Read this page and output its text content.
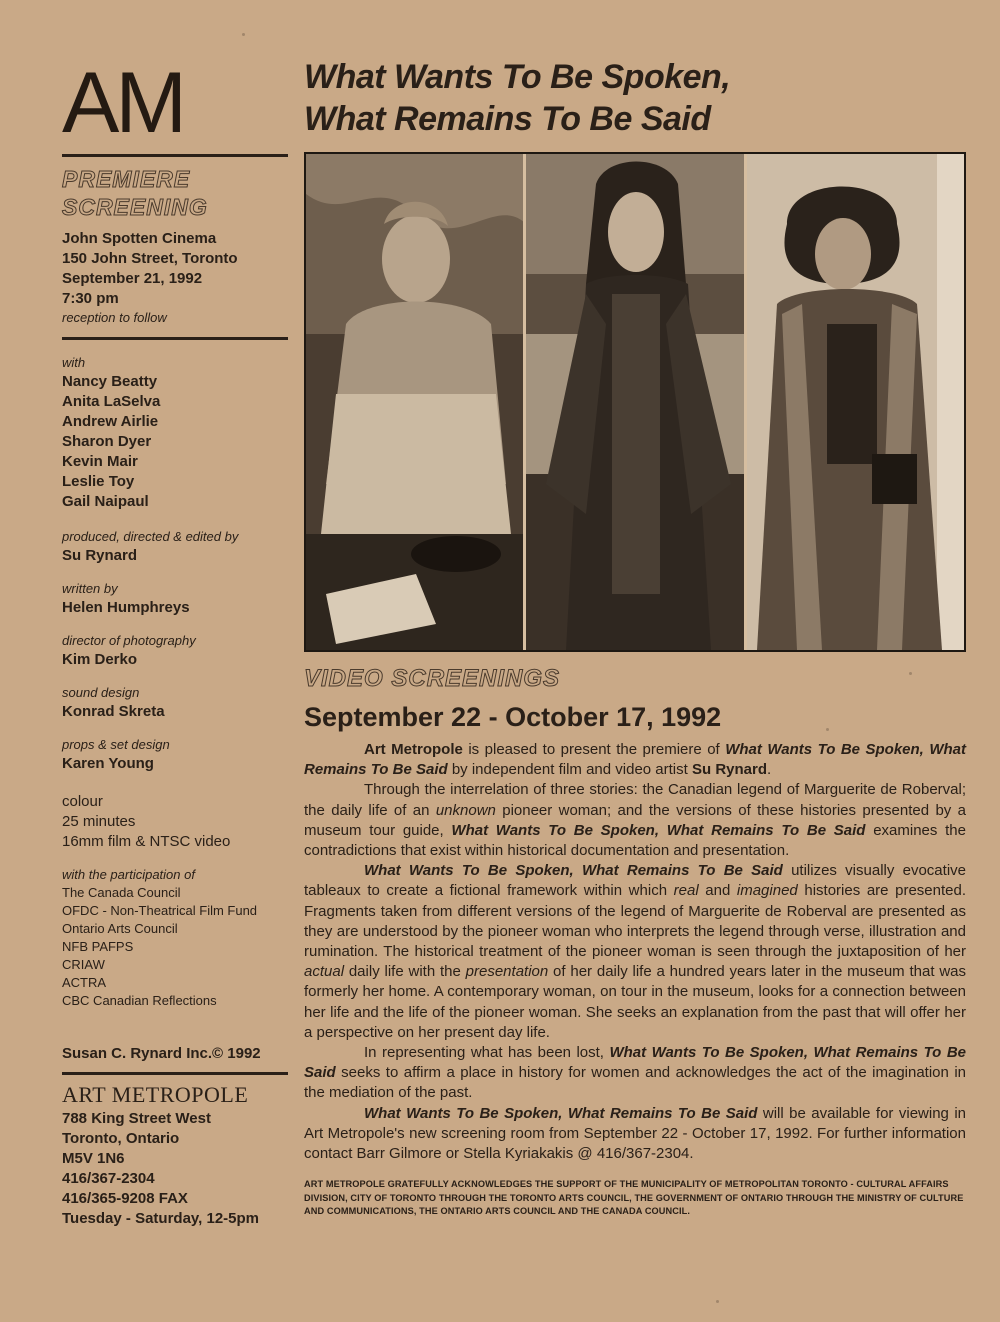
AM
PREMIERE
SCREENING
John Spotten Cinema
150 John Street, Toronto
September 21, 1992
7:30 pm
reception to follow
with
Nancy Beatty
Anita LaSelva
Andrew Airlie
Sharon Dyer
Kevin Mair
Leslie Toy
Gail Naipaul
produced, directed & edited by
Su Rynard
written by
Helen Humphreys
director of photography
Kim Derko
sound design
Konrad Skreta
props & set design
Karen Young
colour
25 minutes
16mm film & NTSC video
with the participation of
The Canada Council
OFDC - Non-Theatrical Film Fund
Ontario Arts Council
NFB PAFPS
CRIAW
ACTRA
CBC Canadian Reflections
Susan C. Rynard Inc.© 1992
ART METROPOLE
788 King Street West
Toronto, Ontario
M5V 1N6
416/367-2304
416/365-9208 FAX
Tuesday - Saturday, 12-5pm
What Wants To Be Spoken,
What Remains To Be Said
VIDEO SCREENINGS
September 22 - October 17, 1992

Art Metropole is pleased to present the premiere of What Wants To Be Spoken, What Remains To Be Said by independent film and video artist Su Rynard.

Through the interrelation of three stories: the Canadian legend of Marguerite de Roberval; the daily life of an unknown pioneer woman; and the versions of these histories presented by a museum tour guide, What Wants To Be Spoken, What Remains To Be Said examines the contradictions that exist within historical documentation and presentation.

What Wants To Be Spoken, What Remains To Be Said utilizes visually evocative tableaux to create a fictional framework within which real and imagined histories are presented. Fragments taken from different versions of the legend of Marguerite de Roberval are presented as they are understood by the pioneer woman who interprets the legend through verse, illustration and rumination. The historical treatment of the pioneer woman is seen through the juxtaposition of her actual daily life with the presentation of her daily life a hundred years later in the museum that was formerly her home. A contemporary woman, on tour in the museum, looks for a connection between her life and the life of the pioneer woman. She seeks an explanation from the past that will offer her a perspective on her present day life.

In representing what has been lost, What Wants To Be Spoken, What Remains To Be Said seeks to affirm a place in history for women and acknowledges the act of the imagination in the mediation of the past.

What Wants To Be Spoken, What Remains To Be Said will be available for viewing in Art Metropole's new screening room from September 22 - October 17, 1992. For further information contact Barr Gilmore or Stella Kyriakakis @ 416/367-2304.

ART METROPOLE GRATEFULLY ACKNOWLEDGES THE SUPPORT OF THE MUNICIPALITY OF METROPOLITAN TORONTO - CULTURAL AFFAIRS DIVISION, CITY OF TORONTO THROUGH THE TORONTO ARTS COUNCIL, THE GOVERNMENT OF ONTARIO THROUGH THE MINISTRY OF CULTURE AND COMMUNICATIONS, THE ONTARIO ARTS COUNCIL AND THE CANADA COUNCIL.
